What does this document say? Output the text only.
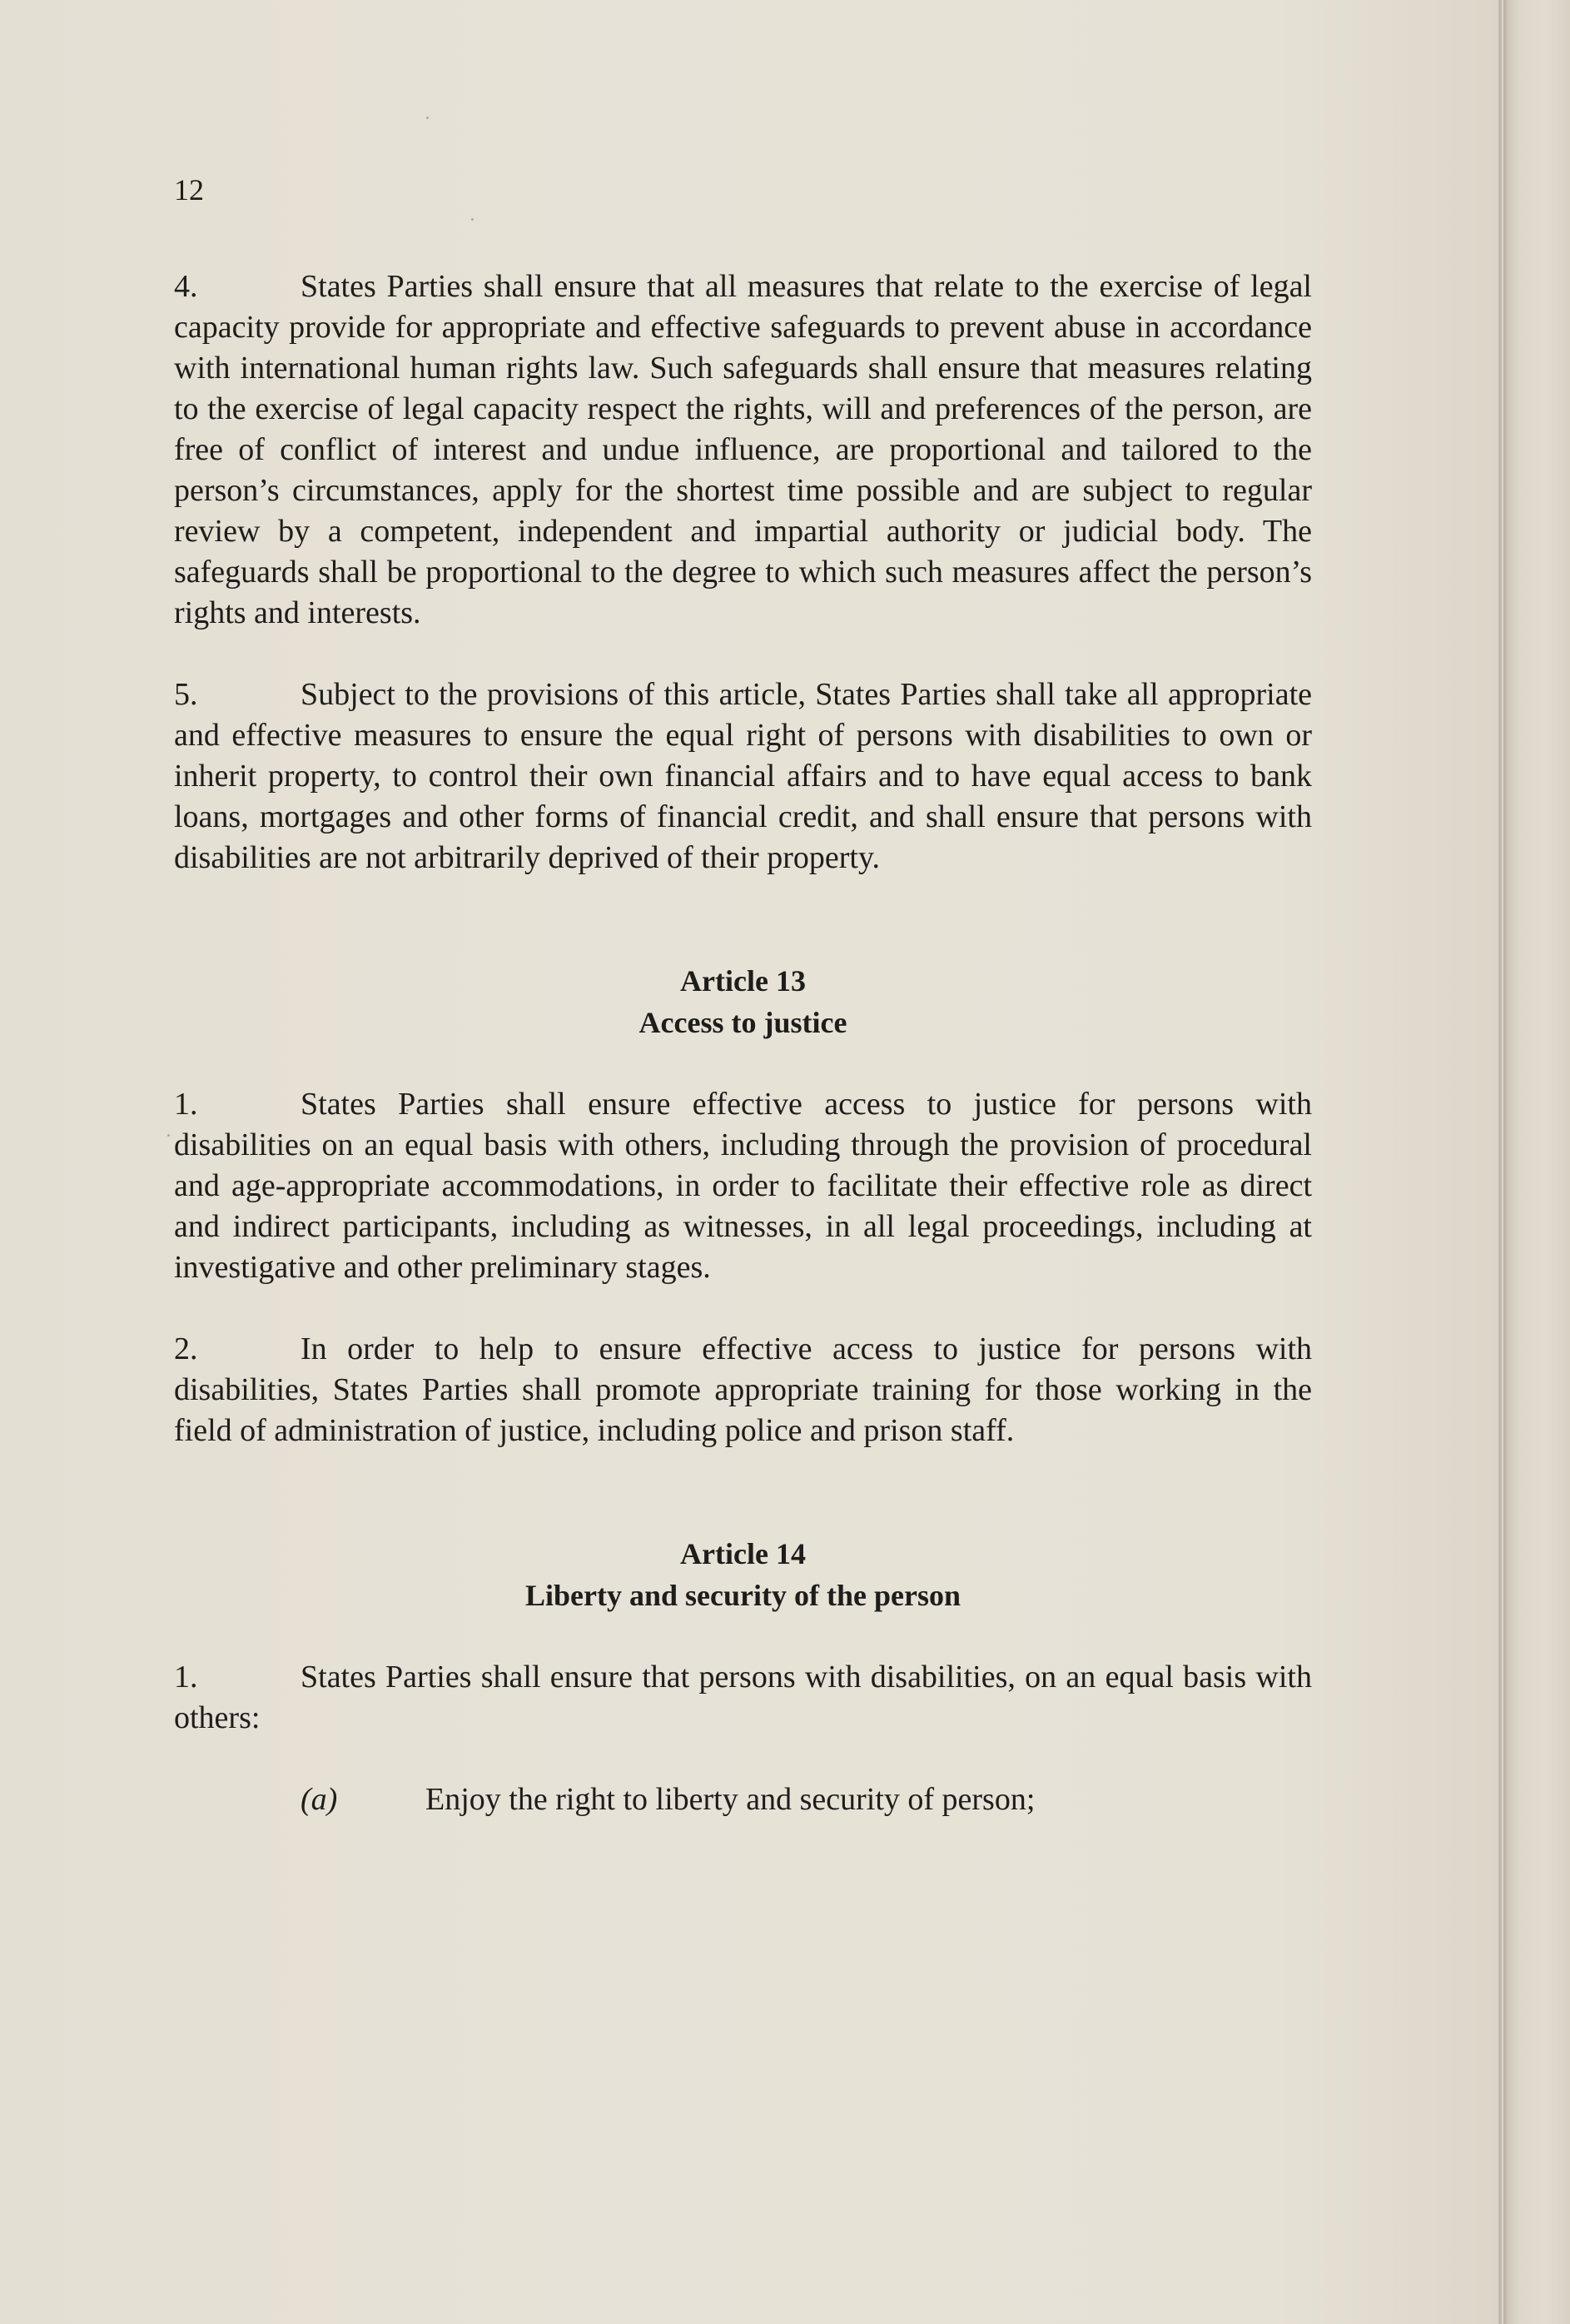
12

4.	States Parties shall ensure that all measures that relate to the exercise of legal capacity provide for appropriate and effective safeguards to prevent abuse in accordance with international human rights law. Such safeguards shall ensure that measures relating to the exercise of legal capacity respect the rights, will and preferences of the person, are free of conflict of interest and undue influence, are proportional and tailored to the person’s circumstances, apply for the shortest time possible and are subject to regular review by a competent, independent and impartial authority or judicial body. The safeguards shall be proportional to the degree to which such measures affect the person’s rights and interests.

5.	Subject to the provisions of this article, States Parties shall take all appropriate and effective measures to ensure the equal right of persons with disabilities to own or inherit property, to control their own financial affairs and to have equal access to bank loans, mortgages and other forms of financial credit, and shall ensure that persons with disabilities are not arbitrarily deprived of their property.

Article 13
Access to justice

1.	States Parties shall ensure effective access to justice for persons with disabilities on an equal basis with others, including through the provision of procedural and age-appropriate accommodations, in order to facilitate their effective role as direct and indirect participants, including as witnesses, in all legal proceedings, including at investigative and other preliminary stages.

2.	In order to help to ensure effective access to justice for persons with disabilities, States Parties shall promote appropriate training for those working in the field of administration of justice, including police and prison staff.

Article 14
Liberty and security of the person

1.	States Parties shall ensure that persons with disabilities, on an equal basis with others:

(a)	Enjoy the right to liberty and security of person;
